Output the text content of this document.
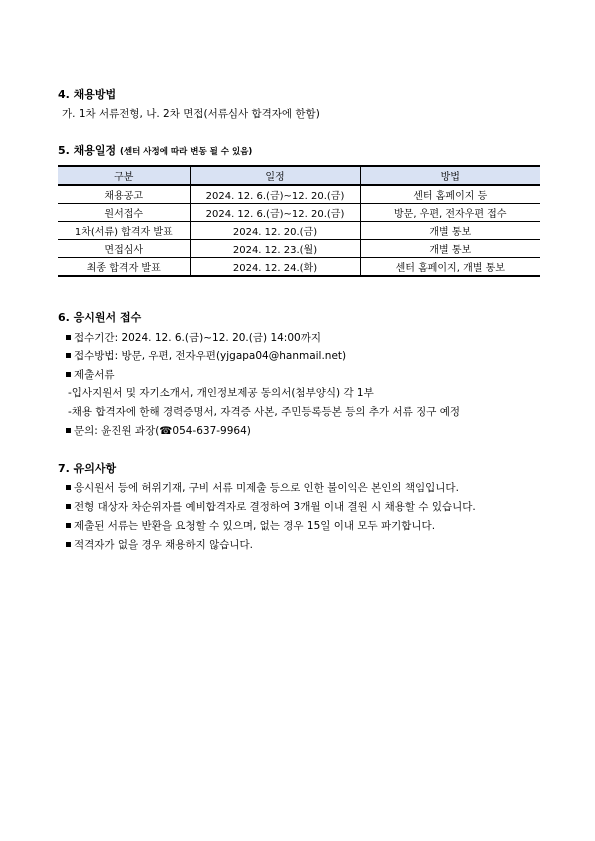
4. 채용방법
가. 1차 서류전형, 나. 2차 면접(서류심사 합격자에 한함)
5. 채용일정 (센터 사정에 따라 변동 될 수 있음)
구분	일정	방법
채용공고	2024. 12. 6.(금)~12. 20.(금)	센터 홈페이지 등
원서접수	2024. 12. 6.(금)~12. 20.(금)	방문, 우편, 전자우편 접수
1차(서류) 합격자 발표	2024. 12. 20.(금)	개별 통보
면접심사	2024. 12. 23.(월)	개별 통보
최종 합격자 발표	2024. 12. 24.(화)	센터 홈페이지, 개별 통보
6. 응시원서 접수
접수기간: 2024. 12. 6.(금)~12. 20.(금) 14:00까지
접수방법: 방문, 우편, 전자우편(yjgapa04@hanmail.net)
제출서류
-입사지원서 및 자기소개서, 개인정보제공 동의서(첨부양식) 각 1부
-채용 합격자에 한해 경력증명서, 자격증 사본, 주민등록등본 등의 추가 서류 징구 예정
문의: 윤진원 과장(☎054-637-9964)
7. 유의사항
응시원서 등에 허위기재, 구비 서류 미제출 등으로 인한 불이익은 본인의 책임입니다.
전형 대상자 차순위자를 예비합격자로 결정하여 3개월 이내 결원 시 채용할 수 있습니다.
제출된 서류는 반환을 요청할 수 있으며, 없는 경우 15일 이내 모두 파기합니다.
적격자가 없을 경우 채용하지 않습니다.
